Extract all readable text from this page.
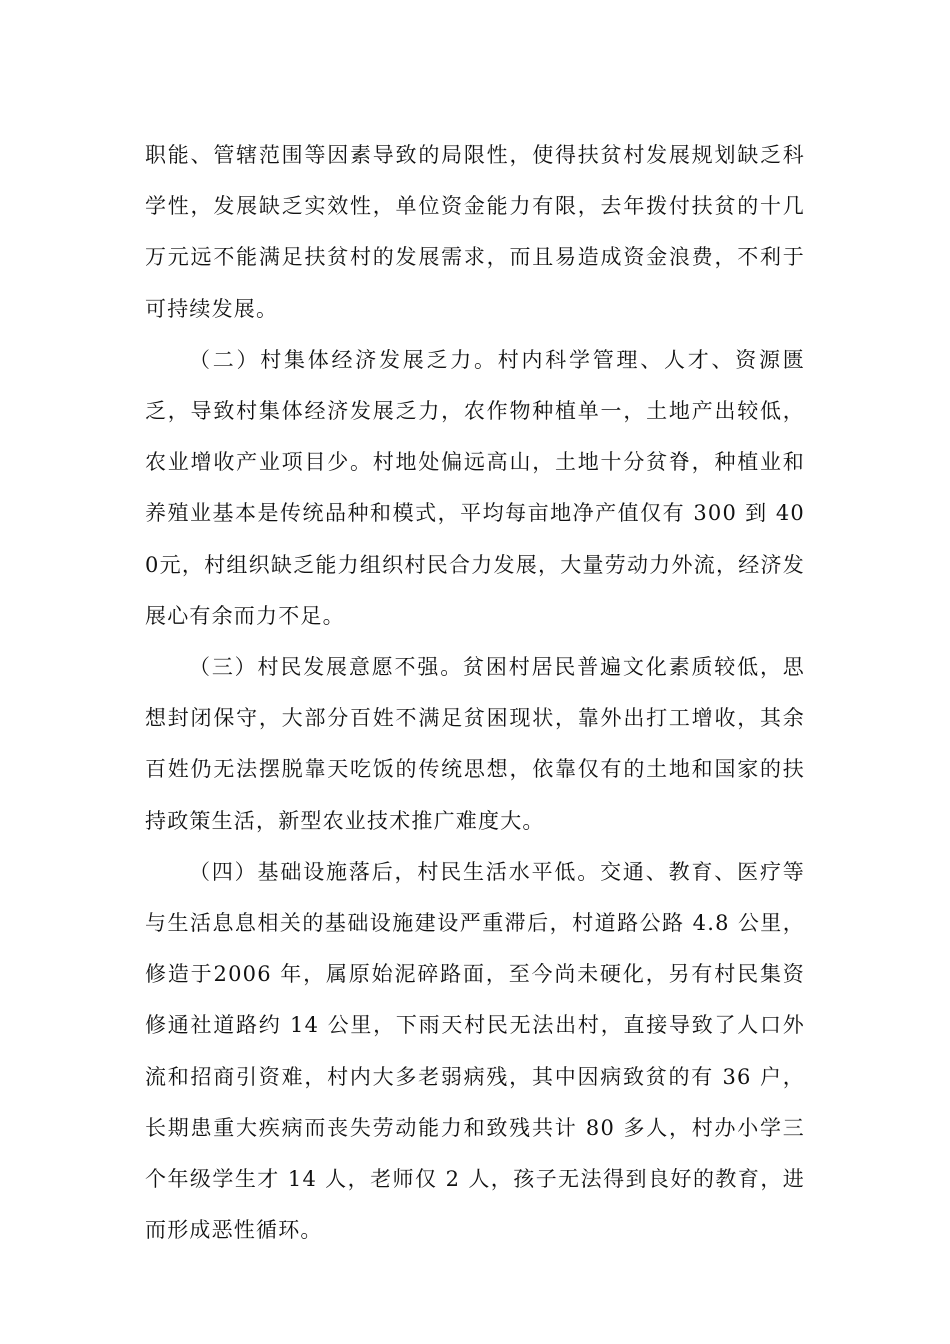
职能、管辖范围等因素导致的局限性，使得扶贫村发展规划缺乏科学性，发展缺乏实效性，单位资金能力有限，去年拨付扶贫的十几万元远不能满足扶贫村的发展需求，而且易造成资金浪费，不利于可持续发展。

（二）村集体经济发展乏力。村内科学管理、人才、资源匮乏，导致村集体经济发展乏力，农作物种植单一，土地产出较低，农业增收产业项目少。村地处偏远高山，土地十分贫脊，种植业和养殖业基本是传统品种和模式，平均每亩地净产值仅有 300 到 400元，村组织缺乏能力组织村民合力发展，大量劳动力外流，经济发展心有余而力不足。

（三）村民发展意愿不强。贫困村居民普遍文化素质较低，思想封闭保守，大部分百姓不满足贫困现状，靠外出打工增收，其余百姓仍无法摆脱靠天吃饭的传统思想，依靠仅有的土地和国家的扶持政策生活，新型农业技术推广难度大。

（四）基础设施落后，村民生活水平低。交通、教育、医疗等与生活息息相关的基础设施建设严重滞后，村道路公路 4.8 公里，修造于2006 年，属原始泥碎路面，至今尚未硬化，另有村民集资修通社道路约 14 公里，下雨天村民无法出村，直接导致了人口外流和招商引资难，村内大多老弱病残，其中因病致贫的有 36 户，长期患重大疾病而丧失劳动能力和致残共计 80 多人，村办小学三个年级学生才 14 人，老师仅 2 人，孩子无法得到良好的教育，进而形成恶性循环。
